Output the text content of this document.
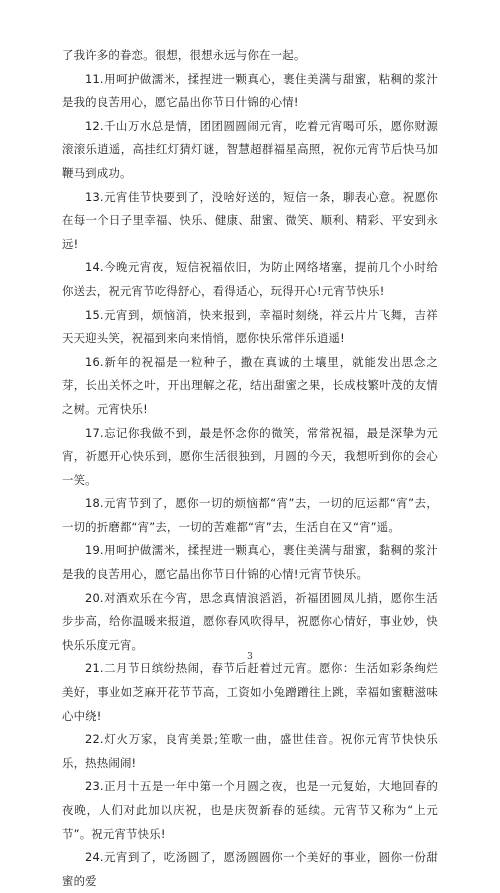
了我许多的眷恋。很想，很想永远与你在一起。

11.用呵护做濡米，揉捏进一颗真心，裹住美满与甜蜜，粘稠的浆汁是我的良苦用心，愿它晶出你节日什锦的心情!

12.千山万水总是情，团团圆圆闹元宵，吃着元宵喝可乐，愿你财源滚滚乐逍遥，高挂红灯猜灯谜，智慧超群福星高照，祝你元宵节后快马加鞭马到成功。

13.元宵佳节快要到了，没啥好送的，短信一条，聊表心意。祝愿你在每一个日子里幸福、快乐、健康、甜蜜、微笑、顺利、精彩、平安到永远!

14.今晚元宵夜，短信祝福依旧，为防止网络堵塞，提前几个小时给你送去，祝元宵节吃得舒心，看得适心，玩得开心!元宵节快乐!

15.元宵到，烦恼消，快来报到，幸福时刻绕，祥云片片飞舞，吉祥天天迎头笑，祝福到来向来悄悄，愿你快乐常伴乐逍遥!

16.新年的祝福是一粒种子，撒在真诚的土壤里，就能发出思念之芽，长出关怀之叶，开出理解之花，结出甜蜜之果，长成枝繁叶茂的友情之树。元宵快乐!

17.忘记你我做不到，最是怀念你的微笑，常常祝福，最是深挚为元宵，祈愿开心快乐到，愿你生活很独到，月圆的今天，我想听到你的会心一笑。

18.元宵节到了，愿你一切的烦恼都“宵”去，一切的厄运都“宵”去，一切的折磨都“宵”去，一切的苦难都“宵”去，生活自在又“宵”遥。

19.用呵护做濡米，揉捏进一颗真心，裹住美满与甜蜜，黏稠的浆汁是我的良苦用心，愿它晶出你节日什锦的心情!元宵节快乐。

20.对酒欢乐在今宵，思念真情浪滔滔，祈福团圆凤儿捎，愿你生活步步高，给你温暖来报道，愿你春风吹得早，祝愿你心情好，事业妙，快快乐乐度元宵。

21.二月节日缤纷热闹，春节后赶着过元宵。愿你：生活如彩条绚烂美好，事业如芝麻开花节节高，工资如小兔蹭蹭往上跳，幸福如蜜糖滋味心中绕!

22.灯火万家，良宵美景;笙歌一曲，盛世佳音。祝你元宵节快快乐乐，热热闹闹!

23.正月十五是一年中第一个月圆之夜，也是一元复始，大地回春的夜晚，人们对此加以庆祝，也是庆贺新春的延续。元宵节又称为“上元节”。祝元宵节快乐!

24.元宵到了，吃汤圆了，愿汤圆圆你一个美好的事业，圆你一份甜蜜的爱

3
